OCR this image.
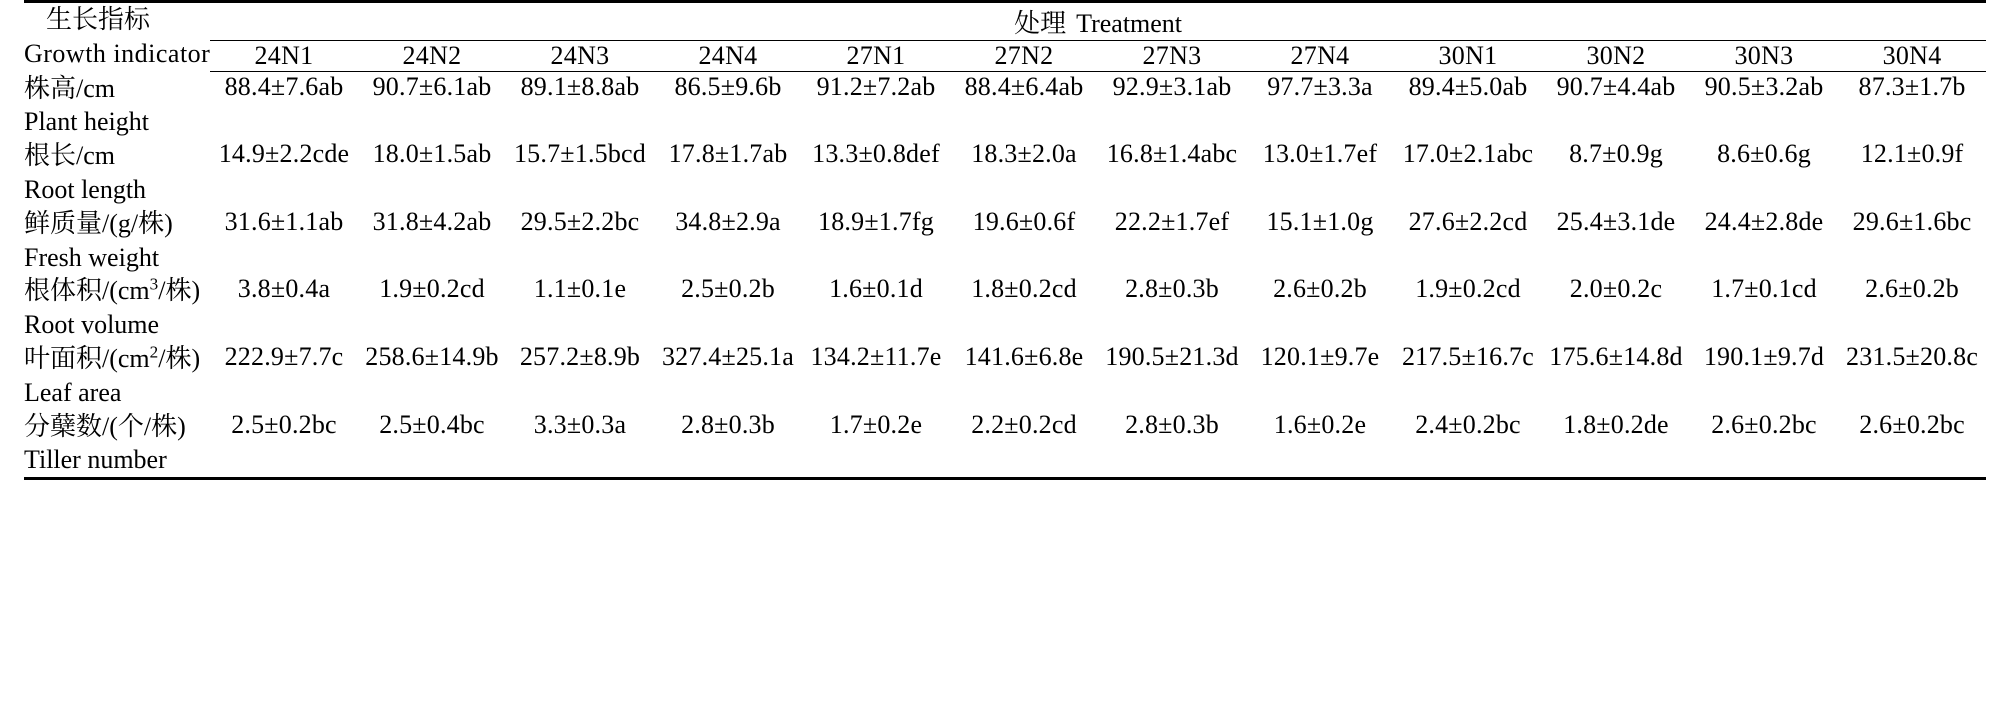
生长指标
Growth indicator	处理 Treatment											
	24N1	24N2	24N3	24N4	27N1	27N2	27N3	27N4	30N1	30N2	30N3	30N4

株高/cm
Plant height	88.4±7.6ab	90.7±6.1ab	89.1±8.8ab	86.5±9.6b	91.2±7.2ab	88.4±6.4ab	92.9±3.1ab	97.7±3.3a	89.4±5.0ab	90.7±4.4ab	90.5±3.2ab	87.3±1.7b

根长/cm
Root length	14.9±2.2cde	18.0±1.5ab	15.7±1.5bcd	17.8±1.7ab	13.3±0.8def	18.3±2.0a	16.8±1.4abc	13.0±1.7ef	17.0±2.1abc	8.7±0.9g	8.6±0.6g	12.1±0.9f

鲜质量/(g/株)
Fresh weight	31.6±1.1ab	31.8±4.2ab	29.5±2.2bc	34.8±2.9a	18.9±1.7fg	19.6±0.6f	22.2±1.7ef	15.1±1.0g	27.6±2.2cd	25.4±3.1de	24.4±2.8de	29.6±1.6bc

根体积$/(cm^3/$株)
Root volume	3.8±0.4a	1.9±0.2cd	1.1±0.1e	2.5±0.2b	1.6±0.1d	1.8±0.2cd	2.8±0.3b	2.6±0.2b	1.9±0.2cd	2.0±0.2c	1.7±0.1cd	2.6±0.2b

叶面积$/(cm^2/$株)
Leaf area	222.9±7.7c	258.6±14.9b	257.2±8.9b	327.4±25.1a	134.2±11.7e	141.6±6.8e	190.5±21.3d	120.1±9.7e	217.5±16.7c	175.6±14.8d	190.1±9.7d	231.5±20.8c

分蘖数/(个/株)
Tiller number	2.5±0.2bc	2.5±0.4bc	3.3±0.3a	2.8±0.3b	1.7±0.2e	2.2±0.2cd	2.8±0.3b	1.6±0.2e	2.4±0.2bc	1.8±0.2de	2.6±0.2bc	2.6±0.2bc
